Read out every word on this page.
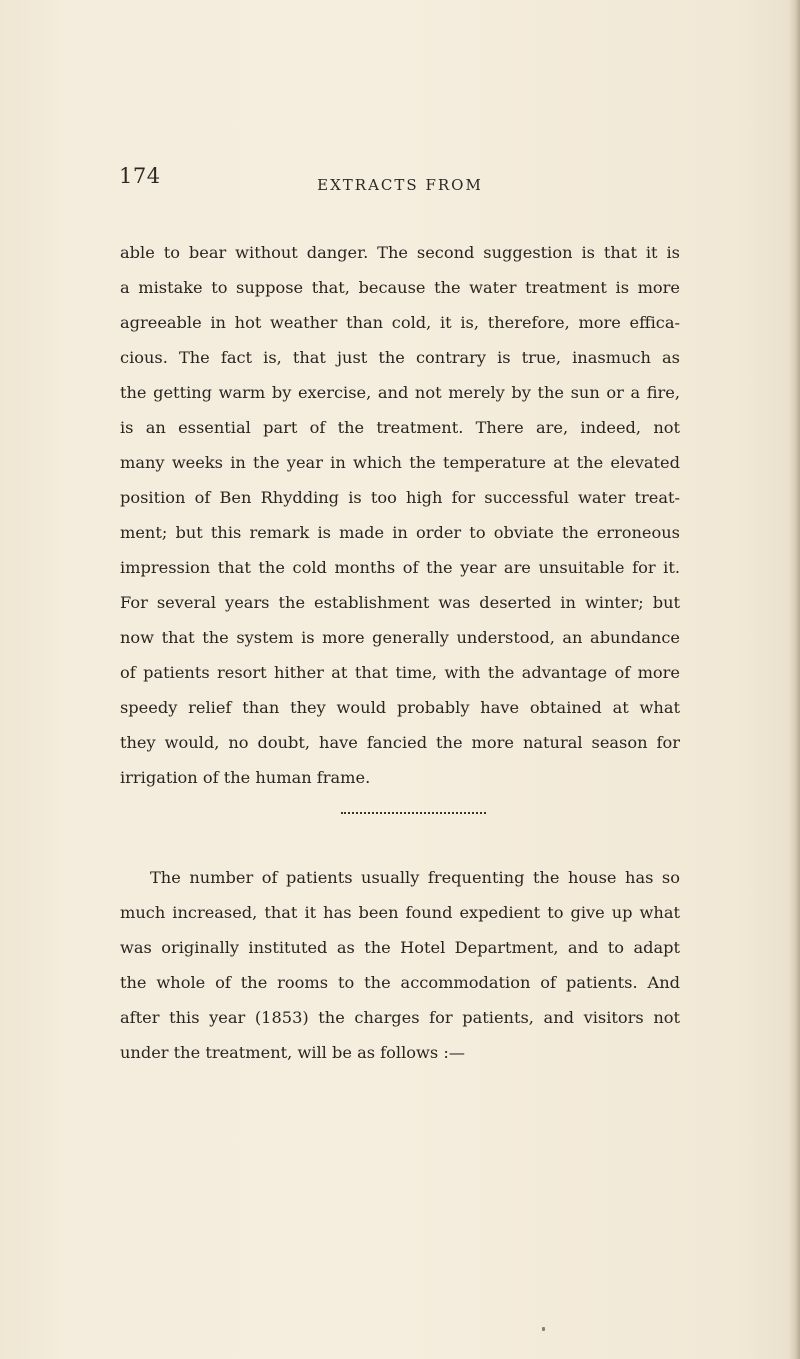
174	EXTRACTS FROM
able to bear without danger. The second suggestion is that it is
a mistake to suppose that, because the water treatment is more
agreeable in hot weather than cold, it is, therefore, more effica-
cious. The fact is, that just the contrary is true, inasmuch as
the getting warm by exercise, and not merely by the sun or a fire,
is an essential part of the treatment. There are, indeed, not
many weeks in the year in which the temperature at the elevated
position of Ben Rhydding is too high for successful water treat-
ment; but this remark is made in order to obviate the erroneous
impression that the cold months of the year are unsuitable for it.
For several years the establishment was deserted in winter; but
now that the system is more generally understood, an abundance
of patients resort hither at that time, with the advantage of more
speedy relief than they would probably have obtained at what
they would, no doubt, have fancied the more natural season for
irrigation of the human frame.
The number of patients usually frequenting the house has so
much increased, that it has been found expedient to give up what
was originally instituted as the Hotel Department, and to adapt
the whole of the rooms to the accommodation of patients. And
after this year (1853) the charges for patients, and visitors not
under the treatment, will be as follows :—
